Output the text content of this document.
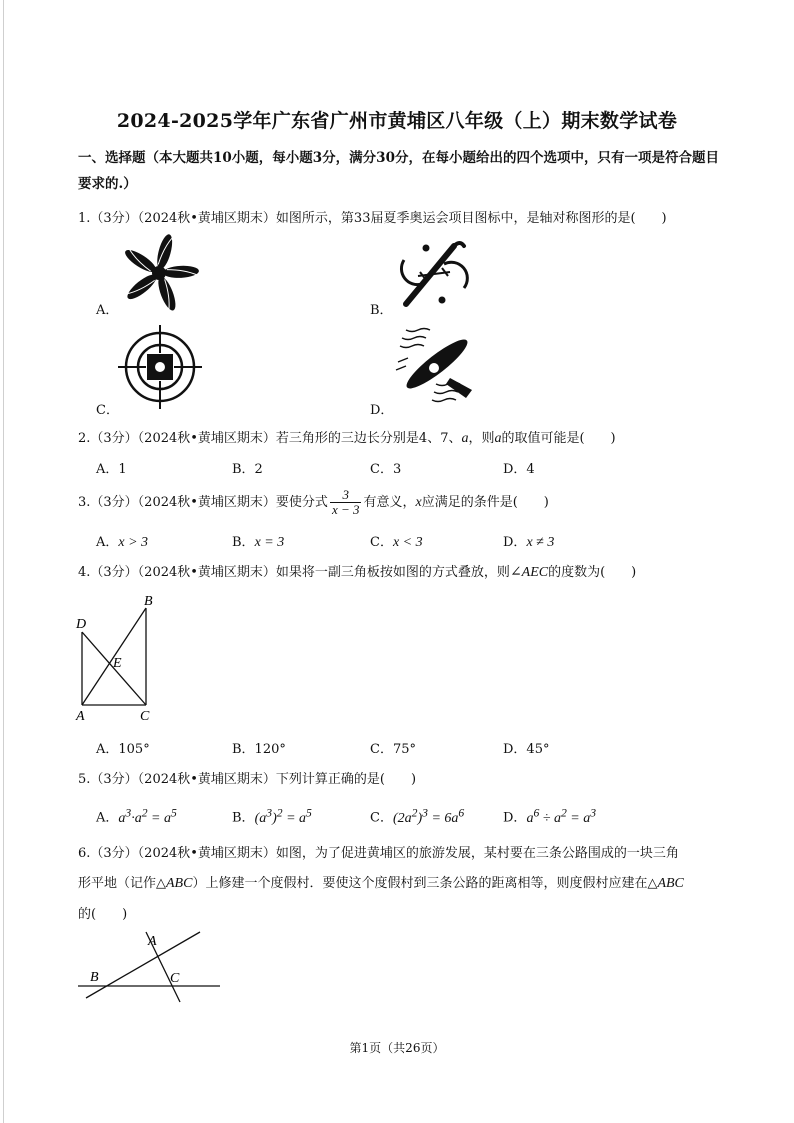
2024-2025学年广东省广州市黄埔区八年级（上）期末数学试卷
一、选择题（本大题共10小题，每小题3分，满分30分，在每小题给出的四个选项中，只有一项是符合题目要求的.）
1.（3分）（2024秋•黄埔区期末）如图所示，第33届夏季奥运会项目图标中，是轴对称图形的是(　　)
A．	B．
C．	D．
2.（3分）（2024秋•黄埔区期末）若三角形的三边长分别是4、7、a，则a的取值可能是(　　)
A．1	B．2	C．3	D．4
3.（3分）（2024秋•黄埔区期末）要使分式 $\frac{3}{x - 3}$ 有意义，x应满足的条件是(　　)
A．x > 3	B．x = 3	C．x < 3	D．x ≠ 3
4.（3分）（2024秋•黄埔区期末）如果将一副三角板按如图的方式叠放，则∠AEC的度数为(　　)
B
D
E
A	C
A．105°	B．120°	C．75°	D．45°
5.（3分）（2024秋•黄埔区期末）下列计算正确的是(　　)
A．$a^3\cdot a^2 = a^5$	B．$(a^3)^2 = a^5$	C．$(2a^2)^3 = 6a^6$	D．$a^6 \div a^2 = a^3$
6.（3分）（2024秋•黄埔区期末）如图，为了促进黄埔区的旅游发展，某村要在三条公路围成的一块三角
形平地（记作△ABC）上修建一个度假村．要使这个度假村到三条公路的距离相等，则度假村应建在△ABC
的(　　)
A
B	C
第1页（共26页）
